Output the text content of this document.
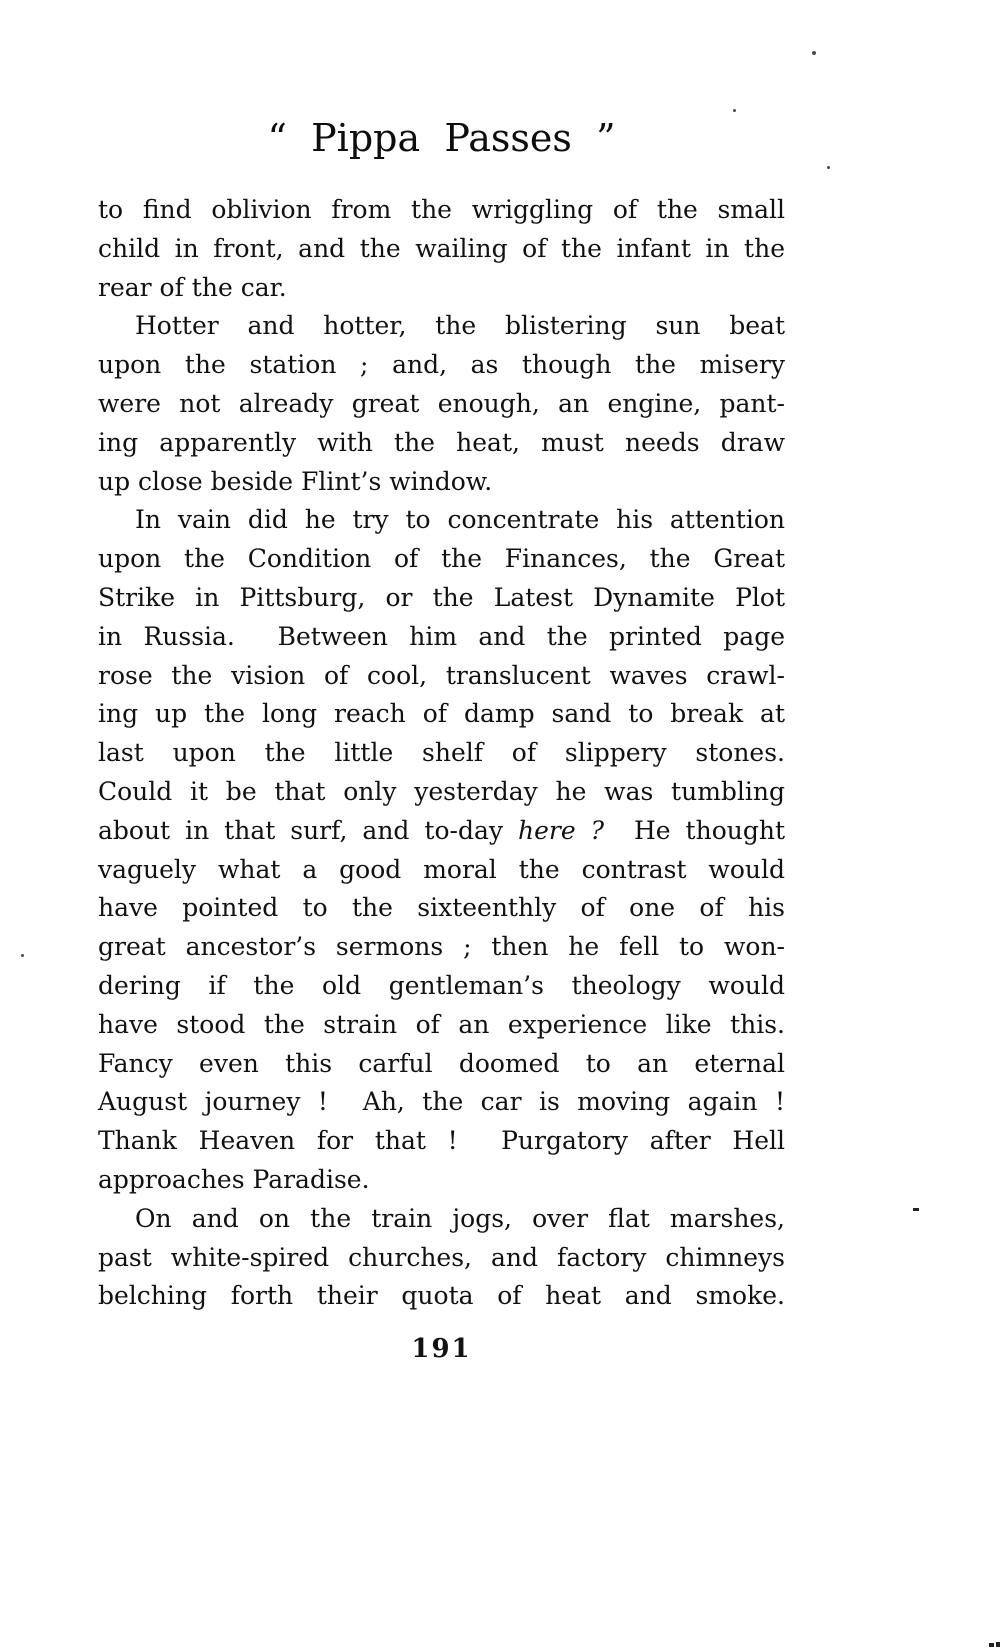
“ Pippa Passes ”
to find oblivion from the wriggling of the small
child in front, and the wailing of the infant in the
rear of the car.
Hotter and hotter, the blistering sun beat
upon the station ; and, as though the misery
were not already great enough, an engine, pant-
ing apparently with the heat, must needs draw
up close beside Flint’s window.
In vain did he try to concentrate his attention
upon the Condition of the Finances, the Great
Strike in Pittsburg, or the Latest Dynamite Plot
in Russia.  Between him and the printed page
rose the vision of cool, translucent waves crawl-
ing up the long reach of damp sand to break at
last upon the little shelf of slippery stones.
Could it be that only yesterday he was tumbling
about in that surf, and to-day here ?  He thought
vaguely what a good moral the contrast would
have pointed to the sixteenthly of one of his
great ancestor’s sermons ; then he fell to won-
dering if the old gentleman’s theology would
have stood the strain of an experience like this.
Fancy even this carful doomed to an eternal
August journey !  Ah, the car is moving again !
Thank Heaven for that !  Purgatory after Hell
approaches Paradise.
On and on the train jogs, over flat marshes,
past white-spired churches, and factory chimneys
belching forth their quota of heat and smoke.
191
